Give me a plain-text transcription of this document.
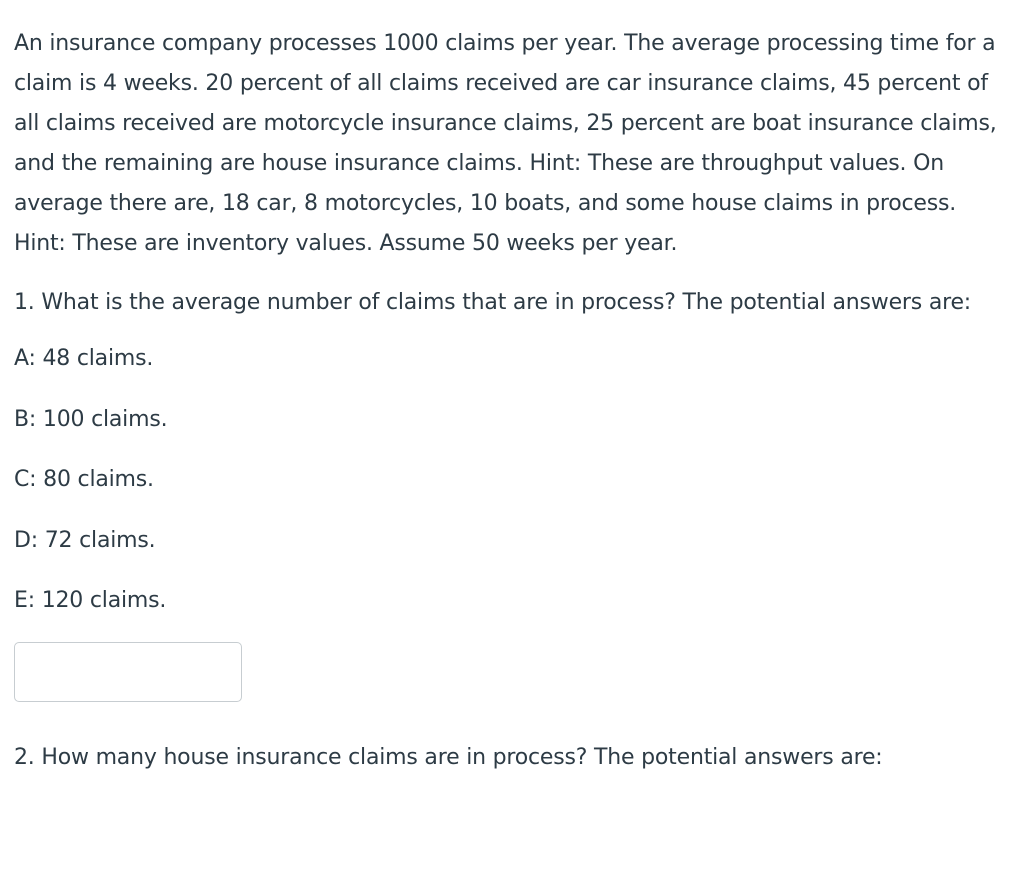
An insurance company processes 1000 claims per year. The average processing time for a claim is 4 weeks. 20 percent of all claims received are car insurance claims, 45 percent of all claims received are motorcycle insurance claims, 25 percent are boat insurance claims, and the remaining are house insurance claims. Hint: These are throughput values. On average there are, 18 car, 8 motorcycles, 10 boats, and some house claims in process. Hint: These are inventory values. Assume 50 weeks per year.

1. What is the average number of claims that are in process? The potential answers are:

A: 48 claims.
B: 100 claims.
C: 80 claims.
D: 72 claims.
E: 120 claims.

2. How many house insurance claims are in process? The potential answers are:
